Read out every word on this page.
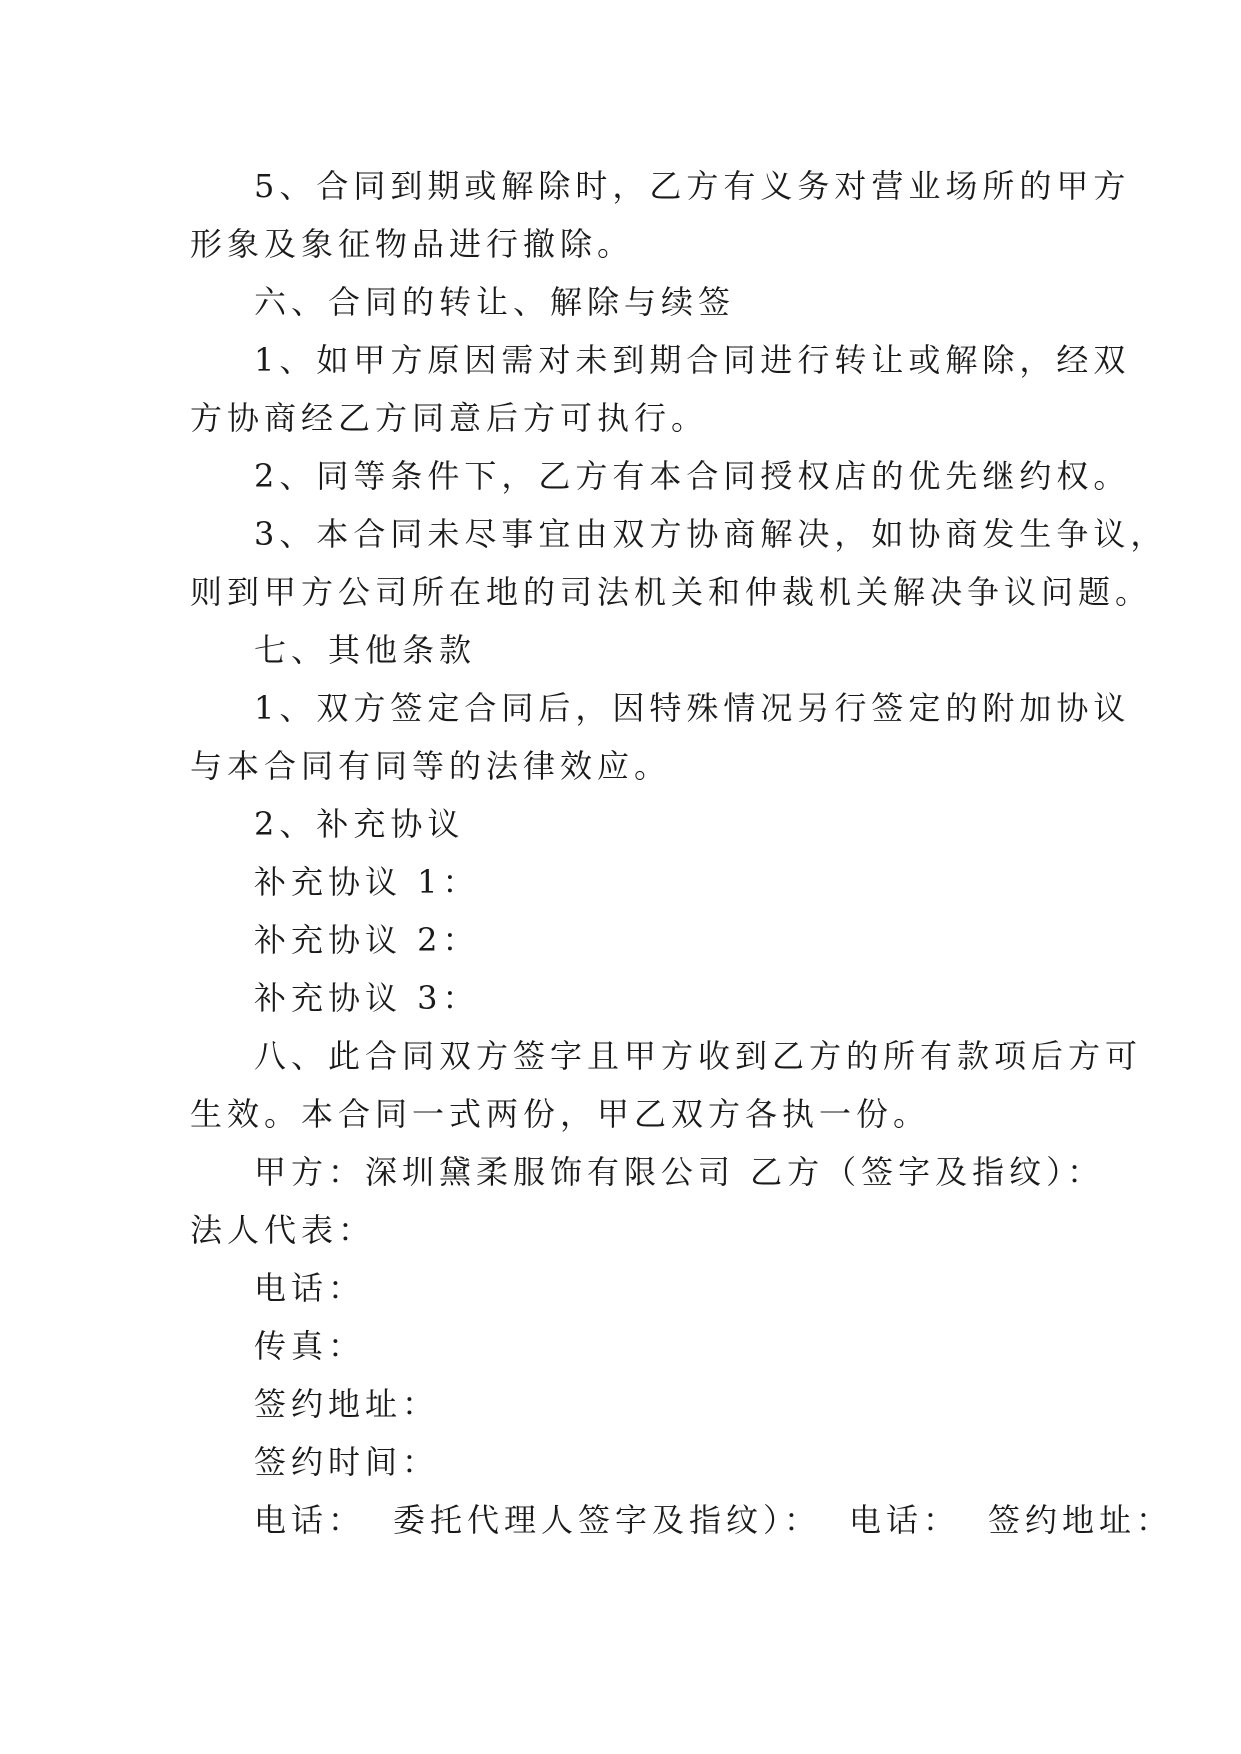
5、合同到期或解除时，乙方有义务对营业场所的甲方

形象及象征物品进行撤除。

六、合同的转让、解除与续签

1、如甲方原因需对未到期合同进行转让或解除，经双

方协商经乙方同意后方可执行。

2、同等条件下，乙方有本合同授权店的优先继约权。

3、本合同未尽事宜由双方协商解决，如协商发生争议，

则到甲方公司所在地的司法机关和仲裁机关解决争议问题。

七、其他条款

1、双方签定合同后，因特殊情况另行签定的附加协议

与本合同有同等的法律效应。

2、补充协议

补充协议 1：

补充协议 2：

补充协议 3：

八、此合同双方签字且甲方收到乙方的所有款项后方可

生效。本合同一式两份，甲乙双方各执一份。

甲方：深圳黛柔服饰有限公司 乙方（签字及指纹）：

法人代表：

电话：

传真：

签约地址：

签约时间：

电话： 委托代理人签字及指纹）： 电话： 签约地址：
